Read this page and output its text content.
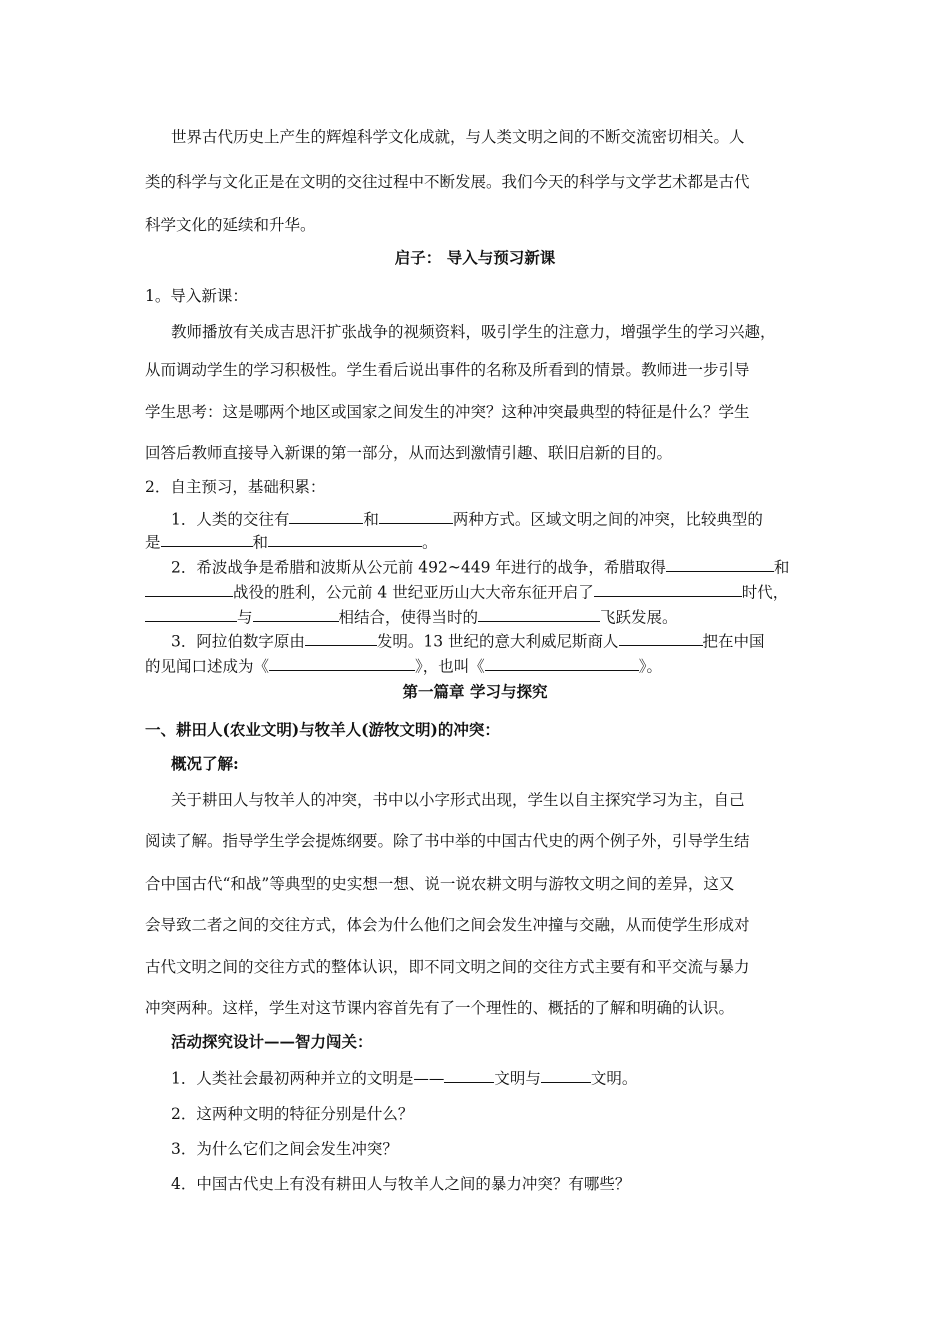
世界古代历史上产生的辉煌科学文化成就，与人类文明之间的不断交流密切相关。人
类的科学与文化正是在文明的交往过程中不断发展。我们今天的科学与文学艺术都是古代
科学文化的延续和升华。
启子： 导入与预习新课
1。导入新课：
教师播放有关成吉思汗扩张战争的视频资料，吸引学生的注意力，增强学生的学习兴趣，
从而调动学生的学习积极性。学生看后说出事件的名称及所看到的情景。教师进一步引导
学生思考：这是哪两个地区或国家之间发生的冲突？这种冲突最典型的特征是什么？学生
回答后教师直接导入新课的第一部分，从而达到激情引趣、联旧启新的目的。
2．自主预习，基础积累：
1．人类的交往有	和	两种方式。区域文明之间的冲突，比较典型的
是	和	。
2．希波战争是希腊和波斯从公元前 492~449 年进行的战争，希腊取得	和
战役的胜利，公元前 4 世纪亚历山大大帝东征开启了	时代，
与	相结合，使得当时的	飞跃发展。
3．阿拉伯数字原由	发明。13 世纪的意大利威尼斯商人	把在中国
的见闻口述成为《	》，也叫《	》。
第一篇章 学习与探究
一、耕田人(农业文明)与牧羊人(游牧文明)的冲突：
概况了解:
关于耕田人与牧羊人的冲突，书中以小字形式出现，学生以自主探究学习为主，自己
阅读了解。指导学生学会提炼纲要。除了书中举的中国古代史的两个例子外，引导学生结
合中国古代“和战”等典型的史实想一想、说一说农耕文明与游牧文明之间的差异，这又
会导致二者之间的交往方式，体会为什么他们之间会发生冲撞与交融，从而使学生形成对
古代文明之间的交往方式的整体认识，即不同文明之间的交往方式主要有和平交流与暴力
冲突两种。这样，学生对这节课内容首先有了一个理性的、概括的了解和明确的认识。
活动探究设计——智力闯关：
1．人类社会最初两种并立的文明是——	文明与	文明。
2．这两种文明的特征分别是什么？
3．为什么它们之间会发生冲突？
4．中国古代史上有没有耕田人与牧羊人之间的暴力冲突？有哪些？
